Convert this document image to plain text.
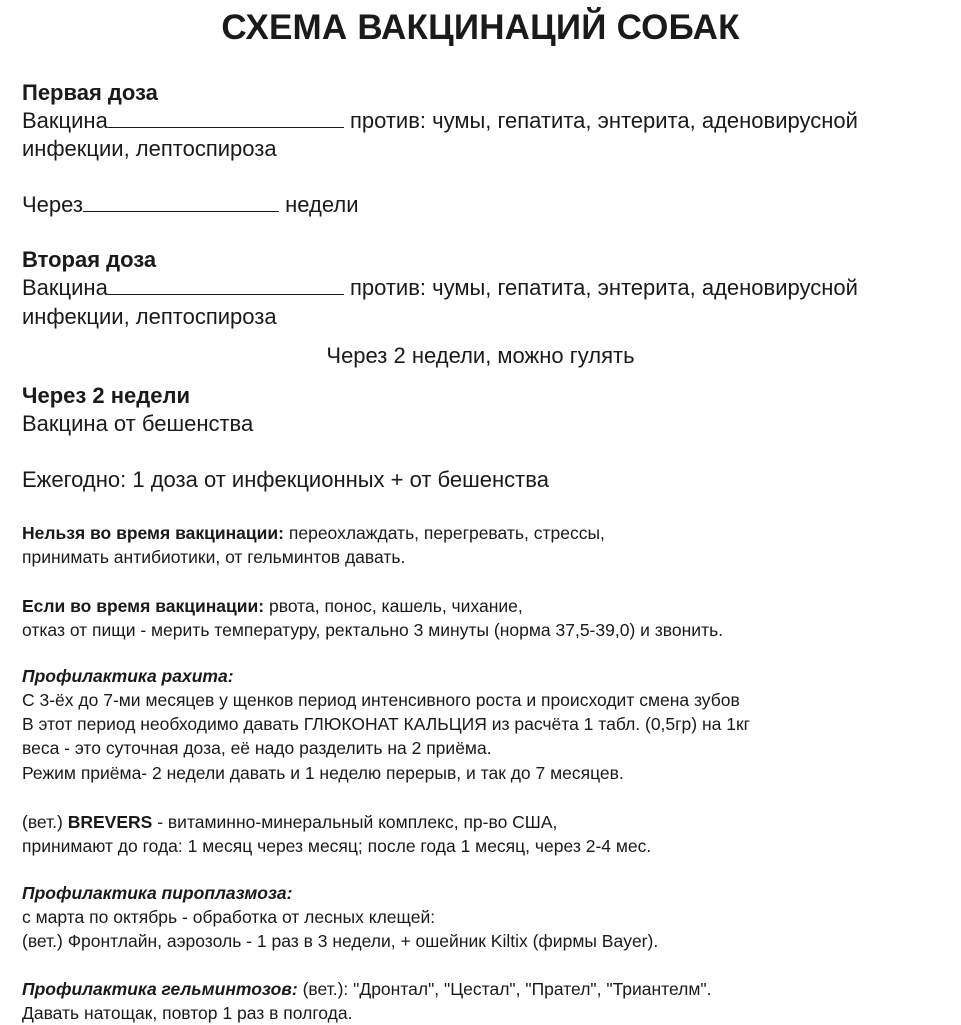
СХЕМА ВАКЦИНАЦИЙ СОБАК

Первая доза

Вакцина	против: чумы, гепатита, энтерита, аденовирусной

инфекции, лептоспироза

Через	недели

Вторая доза

Вакцина	против: чумы, гепатита, энтерита, аденовирусной

инфекции, лептоспироза

Через 2 недели, можно гулять

Через 2 недели

Вакцина от бешенства

Ежегодно: 1 доза от инфекционных + от бешенства

Нельзя во время вакцинации: переохлаждать, перегревать, стрессы,

принимать антибиотики, от гельминтов давать.

Если во время вакцинации: рвота, понос, кашель, чихание,

отказ от пищи - мерить температуру, ректально 3 минуты (норма 37,5-39,0) и звонить.

Профилактика рахита:

С 3-ёх до 7-ми месяцев у щенков период интенсивного роста и происходит смена зубов

В этот период необходимо давать ГЛЮКОНАТ КАЛЬЦИЯ из расчёта 1 табл. (0,5гр) на 1кг

веса - это суточная доза, её надо разделить на 2 приёма.

Режим приёма- 2 недели давать и 1 неделю перерыв, и так до 7 месяцев.

(вет.) BREVERS - витаминно-минеральный комплекс, пр-во США,

принимают до года: 1 месяц через месяц; после года 1 месяц, через 2-4 мес.

Профилактика пироплазмоза:

с марта по октябрь - обработка от лесных клещей:

(вет.) Фронтлайн, аэрозоль - 1 раз в 3 недели, + ошейник Kiltix (фирмы Bayer).

Профилактика гельминтозов: (вет.): "Дронтал", "Цестал", "Прател", "Триантелм".

Давать натощак, повтор 1 раз в полгода.
